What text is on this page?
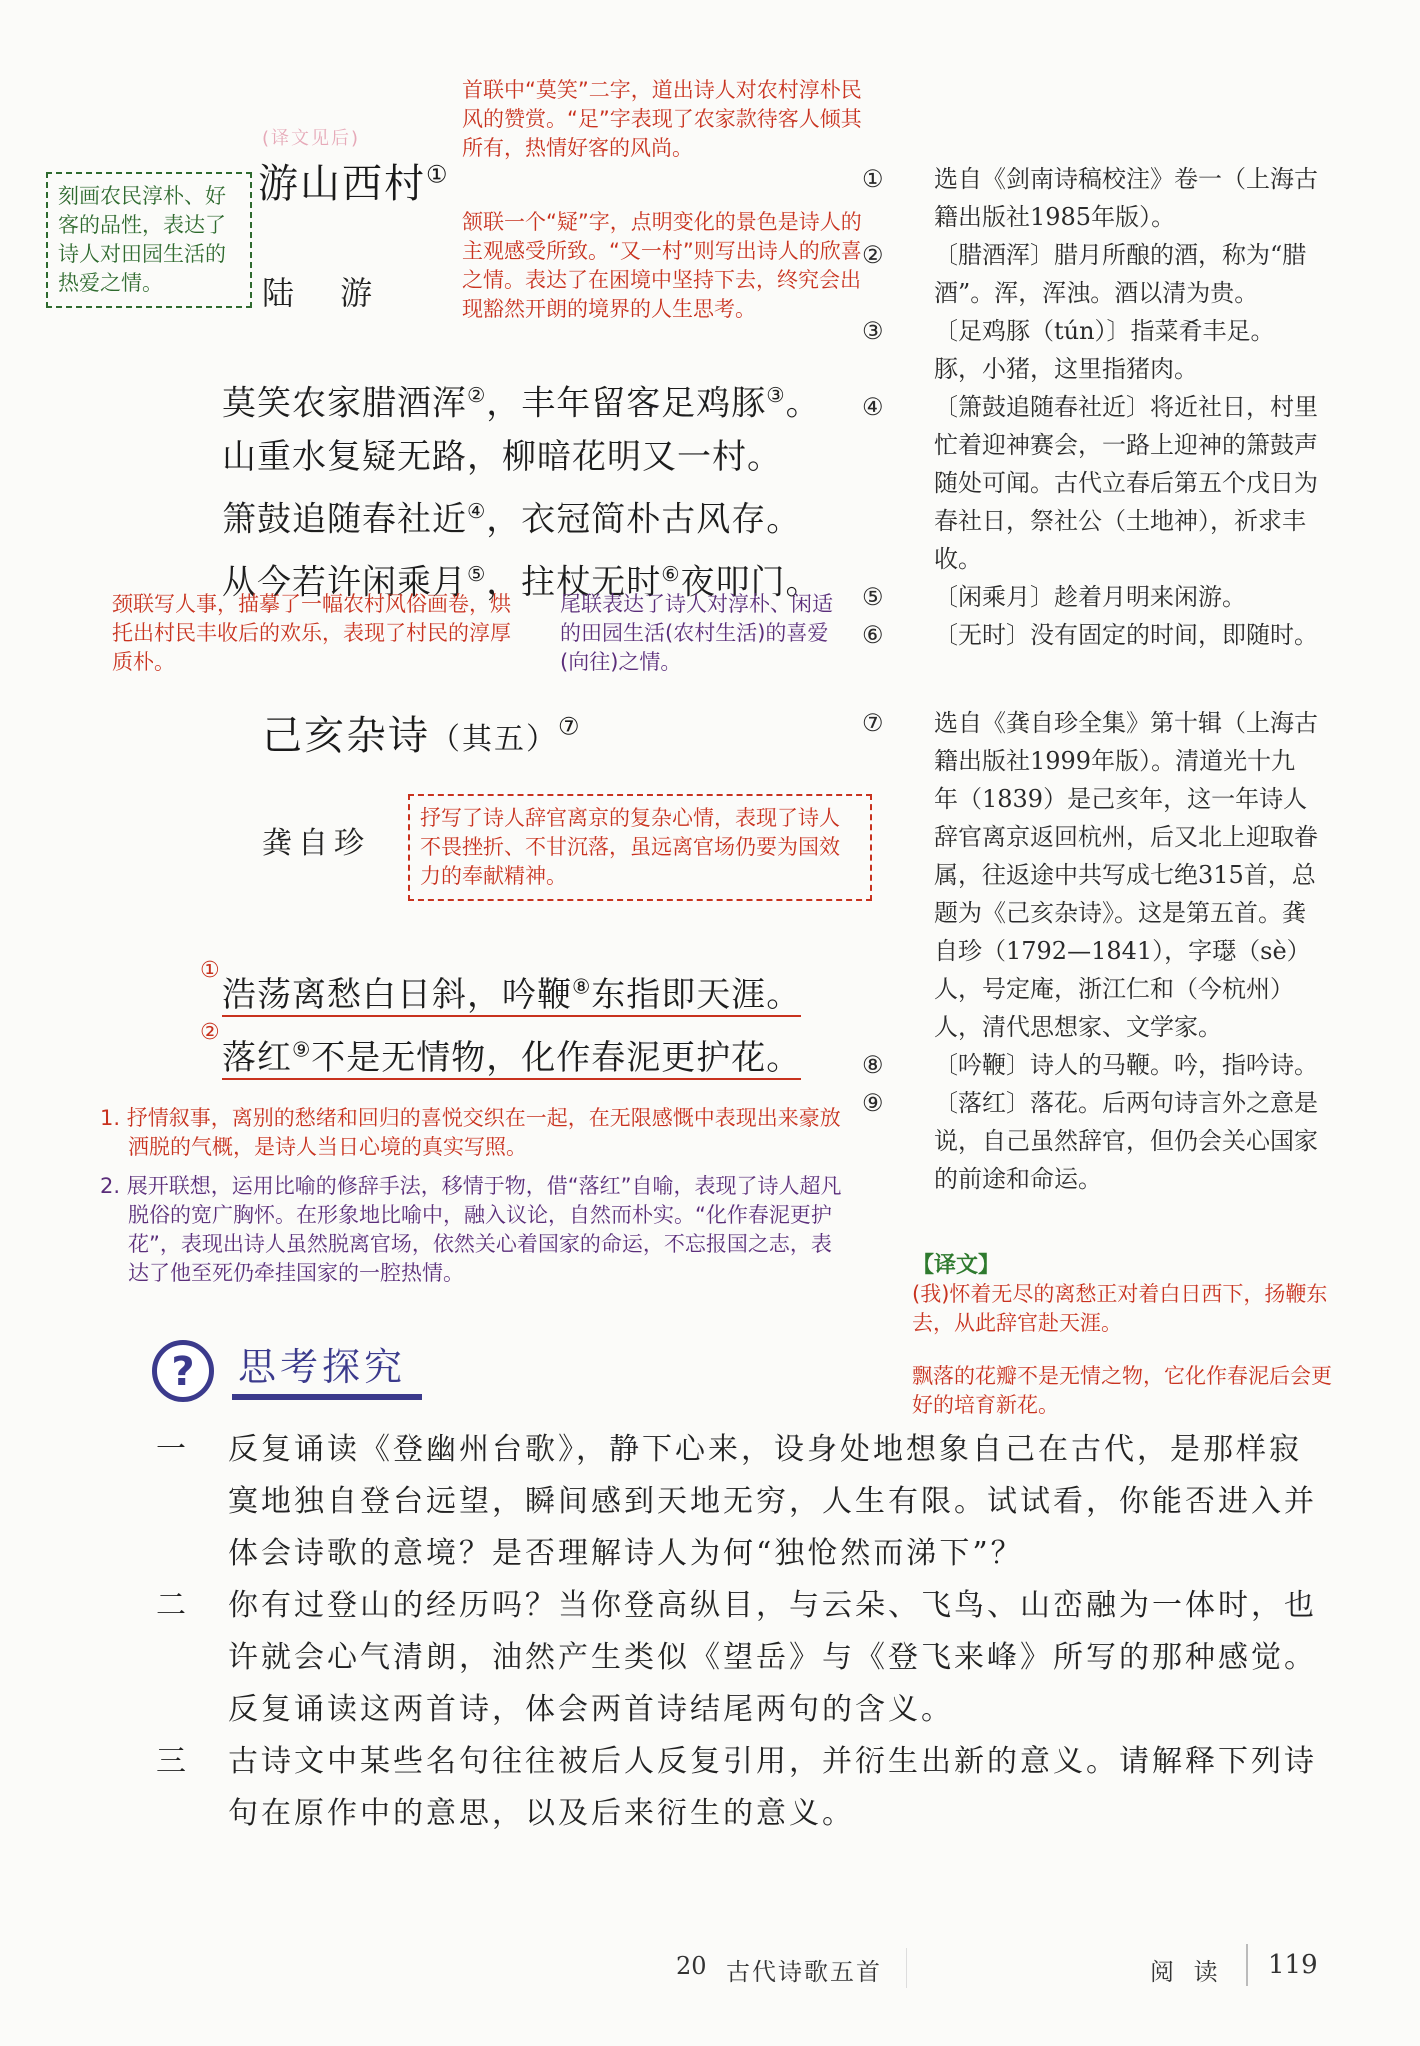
(译文见后)
刻画农民淳朴、好客的品性，表达了诗人对田园生活的热爱之情。
游山西村①
陆 游
首联中“莫笑”二字，道出诗人对农村淳朴民风的赞赏。“足”字表现了农家款待客人倾其所有，热情好客的风尚。
颔联一个“疑”字，点明变化的景色是诗人的主观感受所致。“又一村”则写出诗人的欣喜之情。表达了在困境中坚持下去，终究会出现豁然开朗的境界的人生思考。
莫笑农家腊酒浑②，丰年留客足鸡豚③。
山重水复疑无路，柳暗花明又一村。
箫鼓追随春社近④，衣冠简朴古风存。
从今若许闲乘月⑤，拄杖无时⑥夜叩门。
颈联写人事，描摹了一幅农村风俗画卷，烘托出村民丰收后的欢乐，表现了村民的淳厚质朴。
尾联表达了诗人对淳朴、闲适的田园生活(农村生活)的喜爱(向往)之情。
① 选自《剑南诗稿校注》卷一（上海古籍出版社1985年版）。
② 〔腊酒浑〕腊月所酿的酒，称为“腊酒”。浑，浑浊。酒以清为贵。
③ 〔足鸡豚（tún）〕指菜肴丰足。豚，小猪，这里指猪肉。
④ 〔箫鼓追随春社近〕将近社日，村里忙着迎神赛会，一路上迎神的箫鼓声随处可闻。古代立春后第五个戊日为春社日，祭社公（土地神），祈求丰收。
⑤ 〔闲乘月〕趁着月明来闲游。
⑥ 〔无时〕没有固定的时间，即随时。
己亥杂诗（其五）⑦
龚自珍
抒写了诗人辞官离京的复杂心情，表现了诗人不畏挫折、不甘沉落，虽远离官场仍要为国效力的奉献精神。
①
浩荡离愁白日斜，吟鞭⑧东指即天涯。
②
落红⑨不是无情物，化作春泥更护花。
1. 抒情叙事，离别的愁绪和回归的喜悦交织在一起，在无限感慨中表现出来豪放洒脱的气概，是诗人当日心境的真实写照。
2. 展开联想，运用比喻的修辞手法，移情于物，借“落红”自喻，表现了诗人超凡脱俗的宽广胸怀。在形象地比喻中，融入议论，自然而朴实。“化作春泥更护花”，表现出诗人虽然脱离官场，依然关心着国家的命运，不忘报国之志，表达了他至死仍牵挂国家的一腔热情。
⑦ 选自《龚自珍全集》第十辑（上海古籍出版社1999年版）。清道光十九年（1839）是己亥年，这一年诗人辞官离京返回杭州，后又北上迎取眷属，往返途中共写成七绝315首，总题为《己亥杂诗》。这是第五首。龚自珍（1792—1841），字璱（sè）人，号定庵，浙江仁和（今杭州）人，清代思想家、文学家。
⑧ 〔吟鞭〕诗人的马鞭。吟，指吟诗。
⑨ 〔落红〕落花。后两句诗言外之意是说，自己虽然辞官，但仍会关心国家的前途和命运。
【译文】
(我)怀着无尽的离愁正对着白日西下，扬鞭东去，从此辞官赴天涯。
飘落的花瓣不是无情之物，它化作春泥后会更好的培育新花。
?	思考探究
一 反复诵读《登幽州台歌》，静下心来，设身处地想象自己在古代，是那样寂寞地独自登台远望，瞬间感到天地无穷，人生有限。试试看，你能否进入并体会诗歌的意境？是否理解诗人为何“独怆然而涕下”？
二 你有过登山的经历吗？当你登高纵目，与云朵、飞鸟、山峦融为一体时，也许就会心气清朗，油然产生类似《望岳》与《登飞来峰》所写的那种感觉。反复诵读这两首诗，体会两首诗结尾两句的含义。
三 古诗文中某些名句往往被后人反复引用，并衍生出新的意义。请解释下列诗句在原作中的意思，以及后来衍生的意义。
20 古代诗歌五首	阅 读 119
